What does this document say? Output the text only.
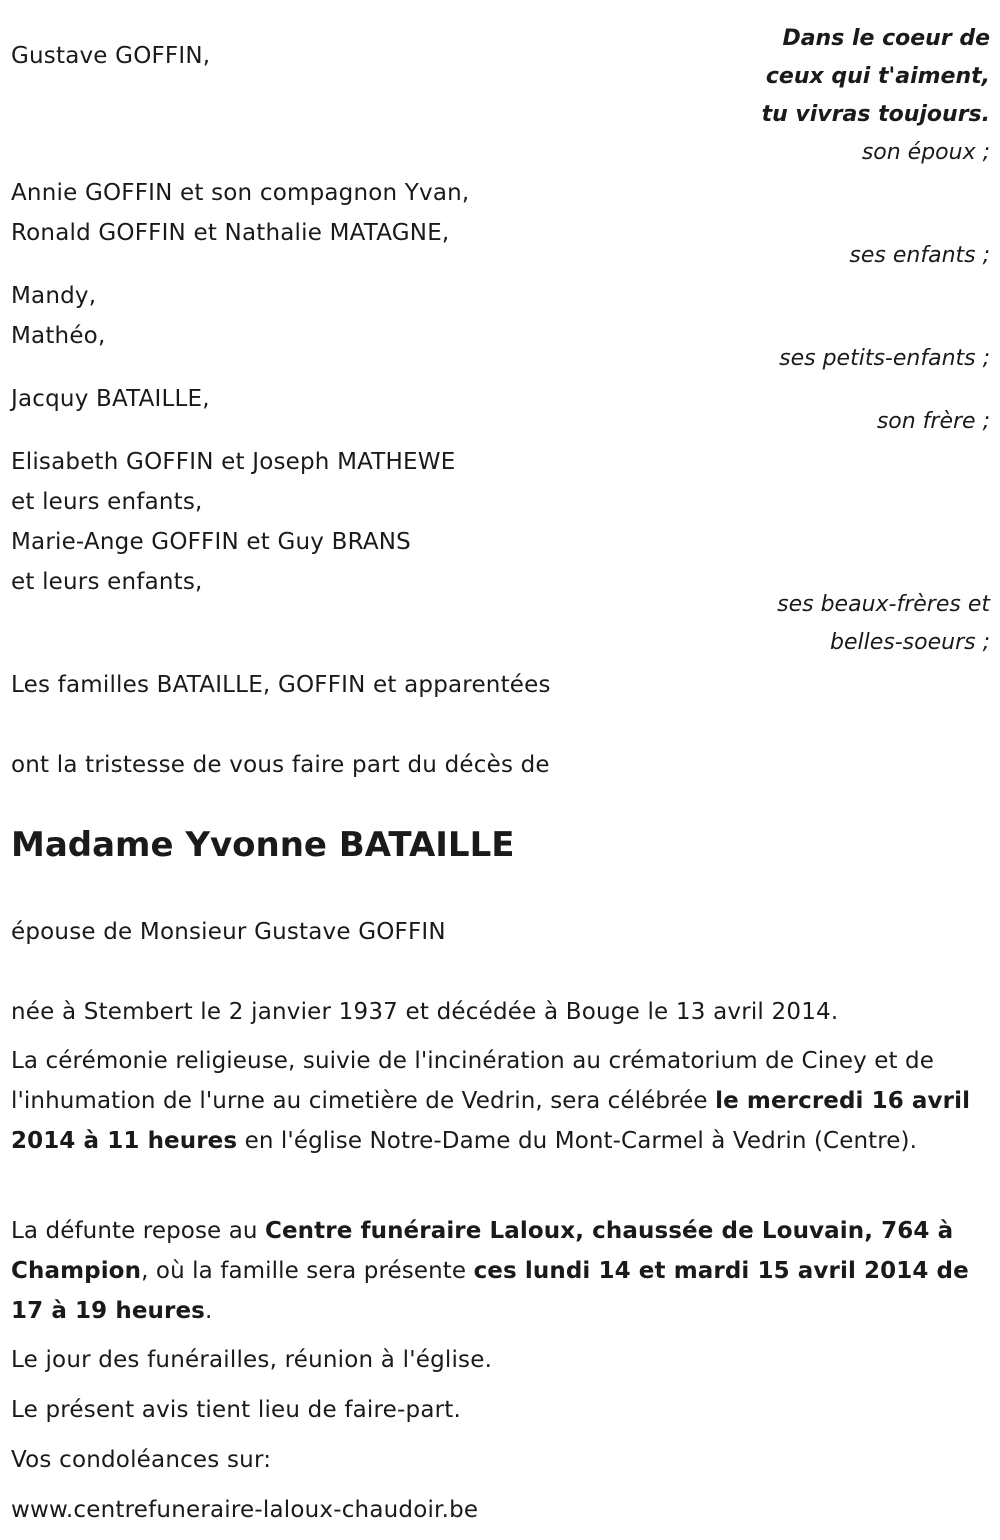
Dans le coeur de
ceux qui t'aiment,
tu vivras toujours.
Gustave GOFFIN,
son époux ;
Annie GOFFIN et son compagnon Yvan,
Ronald GOFFIN et Nathalie MATAGNE,
ses enfants ;
Mandy,
Mathéo,
ses petits-enfants ;
Jacquy BATAILLE,
son frère ;
Elisabeth GOFFIN et Joseph MATHEWE
et leurs enfants,
Marie-Ange GOFFIN et Guy BRANS
et leurs enfants,
ses beaux-frères et
belles-soeurs ;
Les familles BATAILLE, GOFFIN et apparentées
ont la tristesse de vous faire part du décès de
Madame Yvonne BATAILLE
épouse de Monsieur Gustave GOFFIN
née à Stembert le 2 janvier 1937 et décédée à Bouge le 13 avril 2014.
La cérémonie religieuse, suivie de l'incinération au crématorium de Ciney et de l'inhumation de l'urne au cimetière de Vedrin, sera célébrée le mercredi 16 avril 2014 à 11 heures en l'église Notre-Dame du Mont-Carmel à Vedrin (Centre).
La défunte repose au Centre funéraire Laloux, chaussée de Louvain, 764 à Champion, où la famille sera présente ces lundi 14 et mardi 15 avril 2014 de 17 à 19 heures.
Le jour des funérailles, réunion à l'église.
Le présent avis tient lieu de faire-part.
Vos condoléances sur:
www.centrefuneraire-laloux-chaudoir.be
